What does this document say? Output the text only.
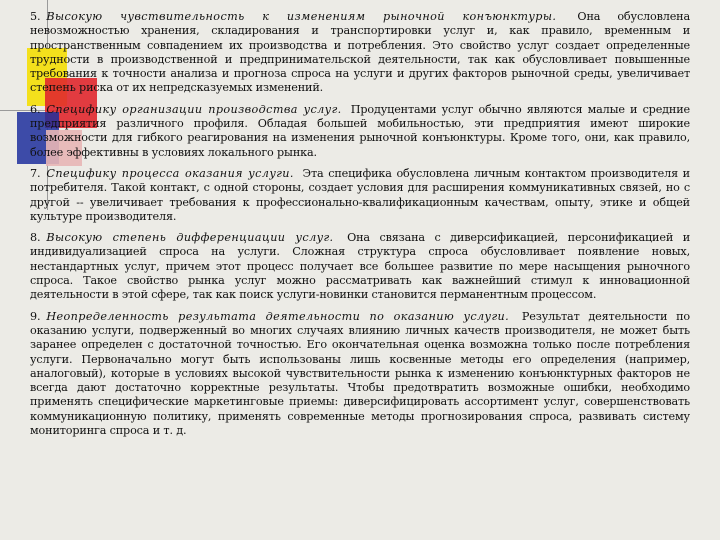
5. Высокую чувствительность к изменениям рыночной конъюнктуры. Она обусловлена невозможностью хранения, складирования и транспортировки услуг и, как правило, временным и пространственным совпадением их производства и потребления. Это свойство услуг создает определенные трудности в производственной и предпринимательской деятельности, так как обусловливает повышенные требования к точности анализа и прогноза спроса на услуги и других факторов рыночной среды, увеличивает степень риска от их непредсказуемых изменений.

6. Специфику организации производства услуг. Продуцентами услуг обычно являются малые и средние предприятия различного профиля. Обладая большей мобильностью, эти предприятия имеют широкие возможности для гибкого реагирования на изменения рыночной конъюнктуры. Кроме того, они, как правило, более эффективны в условиях локального рынка.

7. Специфику процесса оказания услуги. Эта специфика обусловлена личным контактом производителя и потребителя. Такой контакт, с одной стороны, создает условия для расширения коммуникативных связей, но с другой -- увеличивает требования к профессионально-квалификационным качествам, опыту, этике и общей культуре производителя.

8. Высокую степень дифференциации услуг. Она связана с диверсификацией, персонификацией и индивидуализацией спроса на услуги. Сложная структура спроса обусловливает появление новых, нестандартных услуг, причем этот процесс получает все большее развитие по мере насыщения рыночного спроса. Такое свойство рынка услуг можно рассматривать как важнейший стимул к инновационной деятельности в этой сфере, так как поиск услуги-новинки становится перманентным процессом.

9. Неопределенность результата деятельности по оказанию услуги. Результат деятельности по оказанию услуги, подверженный во многих случаях влиянию личных качеств производителя, не может быть заранее определен с достаточной точностью. Его окончательная оценка возможна только после потребления услуги. Первоначально могут быть использованы лишь косвенные методы его определения (например, аналоговый), которые в условиях высокой чувствительности рынка к изменению конъюнктурных факторов не всегда дают достаточно корректные результаты. Чтобы предотвратить возможные ошибки, необходимо применять специфические маркетинговые приемы: диверсифицировать ассортимент услуг, совершенствовать коммуникационную политику, применять современные методы прогнозирования спроса, развивать систему мониторинга спроса и т. д.
